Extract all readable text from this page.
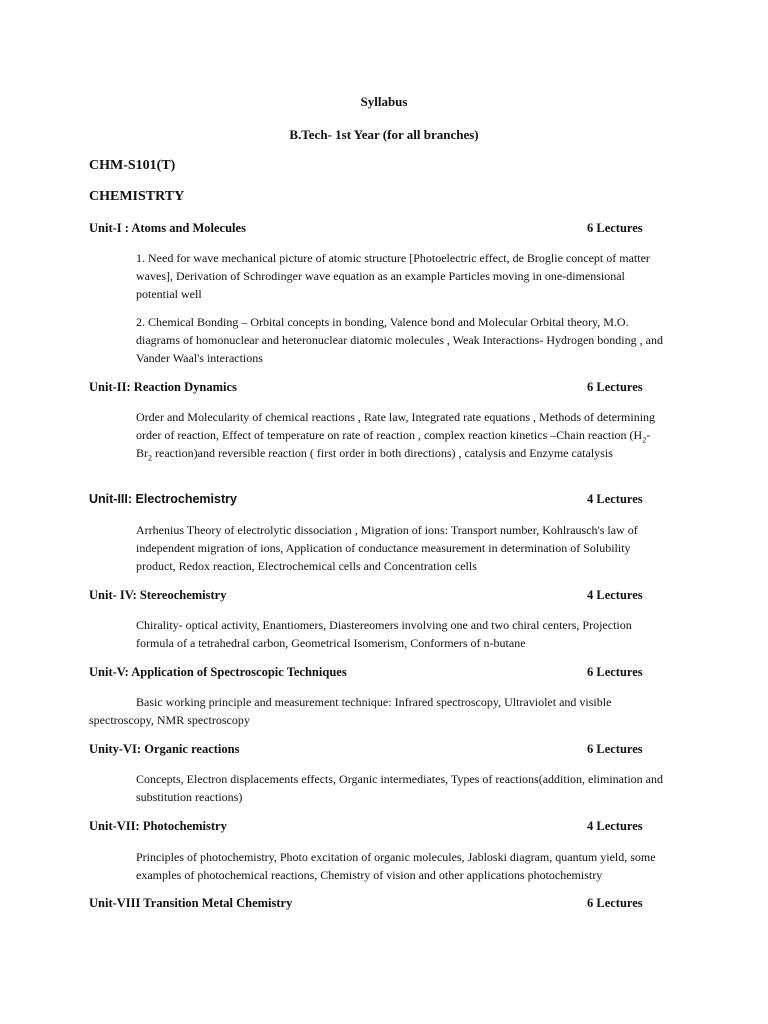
Syllabus
B.Tech- 1st Year (for all branches)
CHM-S101(T)
CHEMISTRTY
Unit-I : Atoms and Molecules	6 Lectures
1. Need for wave mechanical picture of atomic structure [Photoelectric effect, de Broglie concept of matter waves], Derivation of Schrodinger wave equation as an example Particles moving in one-dimensional potential well
2. Chemical Bonding – Orbital concepts in bonding, Valence bond and Molecular Orbital theory, M.O. diagrams of homonuclear and heteronuclear diatomic molecules , Weak Interactions- Hydrogen bonding , and Vander Waal's interactions
Unit-II: Reaction Dynamics	6 Lectures
Order and Molecularity of chemical reactions , Rate law, Integrated rate equations , Methods of determining order of reaction, Effect of temperature on rate of reaction , complex reaction kinetics –Chain reaction ($H_2-Br_2$ reaction)and reversible reaction ( first order in both directions) , catalysis and Enzyme catalysis
Unit-III: Electrochemistry	4 Lectures
Arrhenius Theory of electrolytic dissociation , Migration of ions: Transport number, Kohlrausch's law of independent migration of ions, Application of conductance measurement in determination of Solubility product, Redox reaction, Electrochemical cells and Concentration cells
Unit- IV: Stereochemistry	4 Lectures
Chirality- optical activity, Enantiomers, Diastereomers involving one and two chiral centers, Projection formula of a tetrahedral carbon, Geometrical Isomerism, Conformers of n-butane
Unit-V: Application of Spectroscopic Techniques	6 Lectures
Basic working principle and measurement technique: Infrared spectroscopy, Ultraviolet and visible
spectroscopy, NMR spectroscopy
Unity-VI: Organic reactions	6 Lectures
Concepts, Electron displacements effects, Organic intermediates, Types of reactions(addition, elimination and substitution reactions)
Unit-VII: Photochemistry	4 Lectures
Principles of photochemistry, Photo excitation of organic molecules, Jabloski diagram, quantum yield, some examples of photochemical reactions, Chemistry of vision and other applications photochemistry
Unit-VIII Transition Metal Chemistry	6 Lectures
